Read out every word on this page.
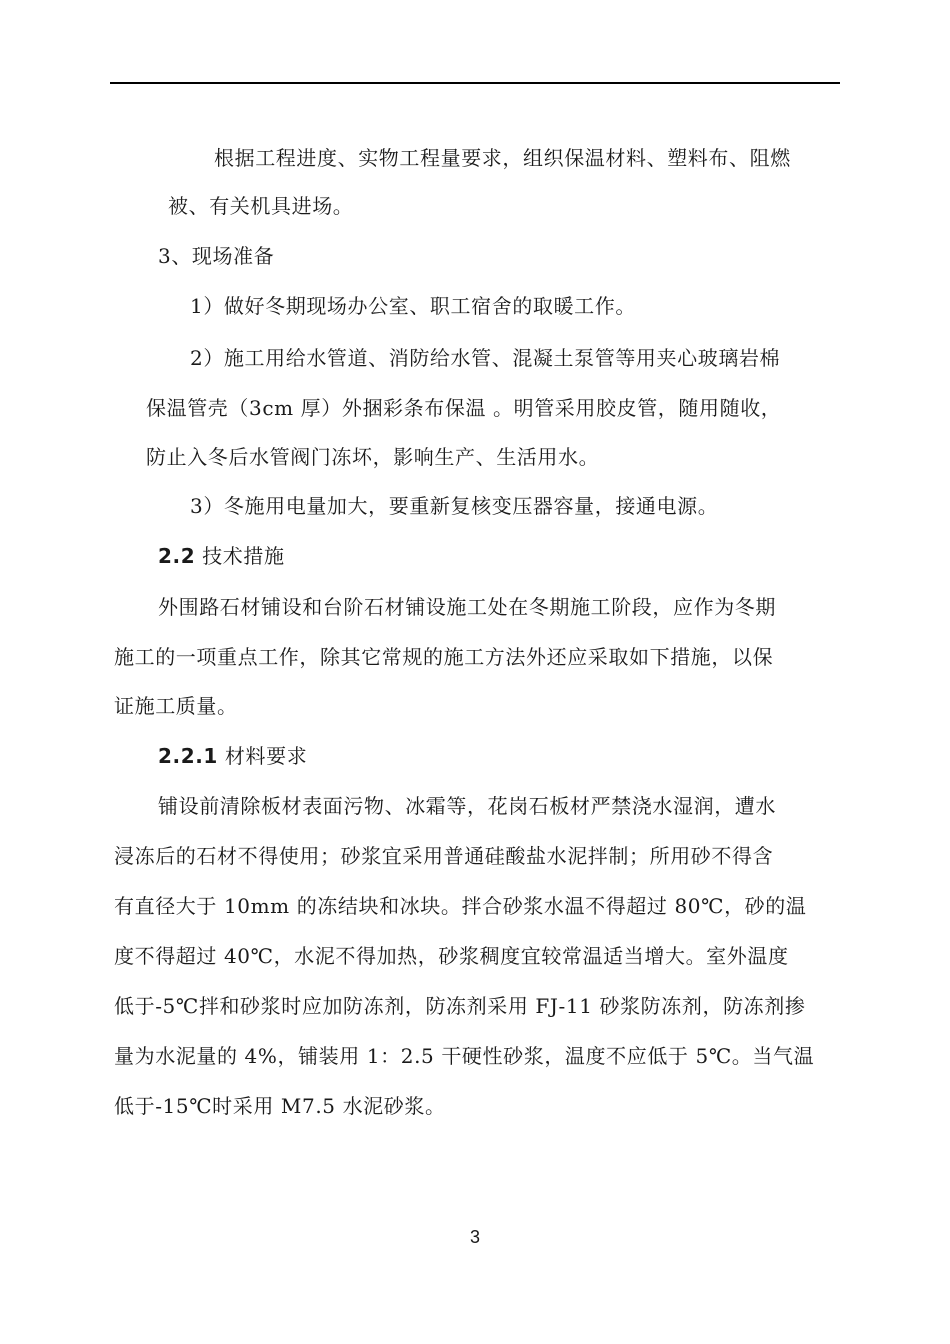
根据工程进度、实物工程量要求，组织保温材料、塑料布、阻燃
被、有关机具进场。
3、现场准备
1）做好冬期现场办公室、职工宿舍的取暖工作。
2）施工用给水管道、消防给水管、混凝土泵管等用夹心玻璃岩棉
保温管壳（3cm 厚）外捆彩条布保温 。明管采用胶皮管，随用随收，
防止入冬后水管阀门冻坏，影响生产、生活用水。
3）冬施用电量加大，要重新复核变压器容量，接通电源。
2.2 技术措施
外围路石材铺设和台阶石材铺设施工处在冬期施工阶段，应作为冬期
施工的一项重点工作，除其它常规的施工方法外还应采取如下措施，以保
证施工质量。
2.2.1 材料要求
铺设前清除板材表面污物、冰霜等，花岗石板材严禁浇水湿润，遭水
浸冻后的石材不得使用；砂浆宜采用普通硅酸盐水泥拌制；所用砂不得含
有直径大于 10mm 的冻结块和冰块。拌合砂浆水温不得超过 80℃，砂的温
度不得超过 40℃，水泥不得加热，砂浆稠度宜较常温适当增大。室外温度
低于-5℃拌和砂浆时应加防冻剂，防冻剂采用 FJ-11 砂浆防冻剂，防冻剂掺
量为水泥量的 4%，铺装用 1：2.5 干硬性砂浆，温度不应低于 5℃。当气温
低于-15℃时采用 M7.5 水泥砂浆。
3
